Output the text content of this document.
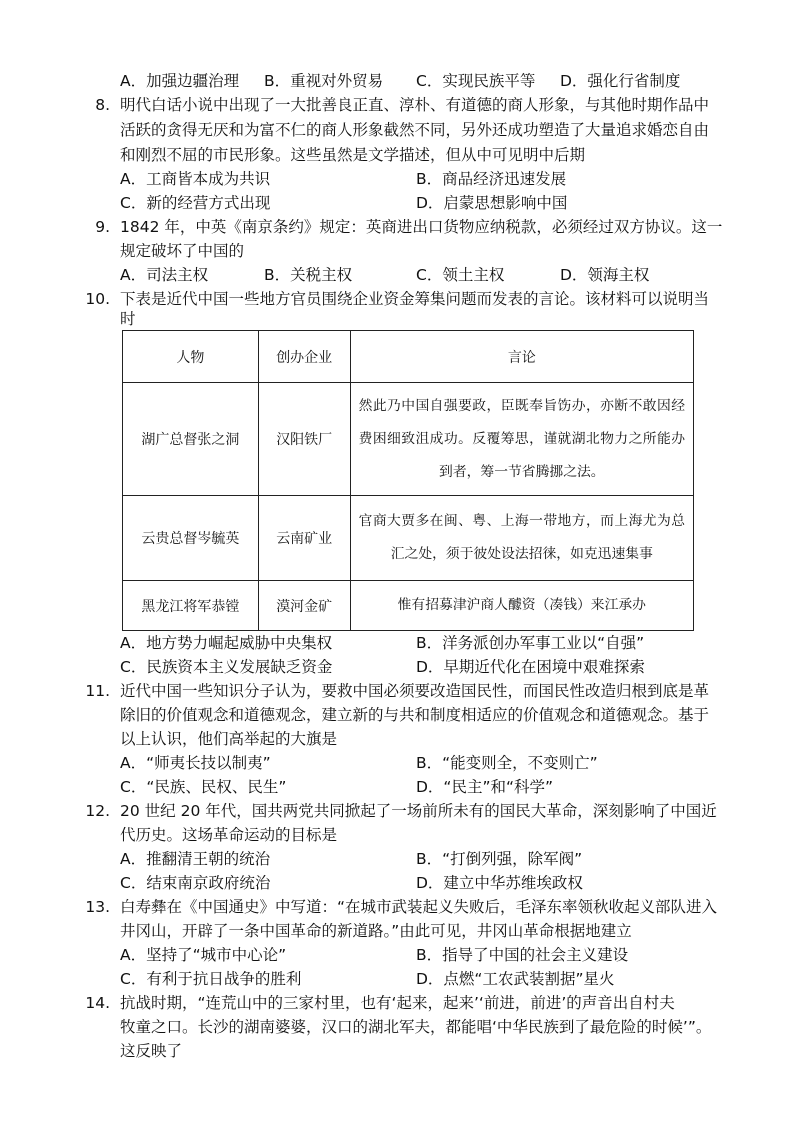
A．加强边疆治理 B．重视对外贸易 C．实现民族平等 D．强化行省制度
8. 明代白话小说中出现了一大批善良正直、淳朴、有道德的商人形象，与其他时期作品中
活跃的贪得无厌和为富不仁的商人形象截然不同，另外还成功塑造了大量追求婚恋自由
和刚烈不屈的市民形象。这些虽然是文学描述，但从中可见明中后期
A．工商皆本成为共识	B．商品经济迅速发展
C．新的经营方式出现	D．启蒙思想影响中国
9. 1842 年，中英《南京条约》规定：英商进出口货物应纳税款，必须经过双方协议。这一
规定破坏了中国的
A．司法主权	B．关税主权	C．领土主权	D．领海主权
10. 下表是近代中国一些地方官员围绕企业资金筹集问题而发表的言论。该材料可以说明当
时
人物	创办企业	言论
湖广总督张之洞	汉阳铁厂	然此乃中国自强要政，臣既奉旨饬办，亦断不敢因经费困细致沮成功。反覆筹思，谨就湖北物力之所能办到者，筹一节省腾挪之法。
云贵总督岑毓英	云南矿业	官商大贾多在闽、粤、上海一带地方，而上海尤为总汇之处，须于彼处设法招徕，如克迅速集事
黑龙江将军恭镗	漠河金矿	惟有招募津沪商人醵资（凑钱）来江承办
A．地方势力崛起威胁中央集权	B．洋务派创办军事工业以“自强”
C．民族资本主义发展缺乏资金	D．早期近代化在困境中艰难探索
11. 近代中国一些知识分子认为，要救中国必须要改造国民性，而国民性改造归根到底是革
除旧的价值观念和道德观念，建立新的与共和制度相适应的价值观念和道德观念。基于
以上认识，他们高举起的大旗是
A．“师夷长技以制夷”	B．“能变则全，不变则亡”
C．“民族、民权、民生”	D．“民主”和“科学”
12. 20 世纪 20 年代，国共两党共同掀起了一场前所未有的国民大革命，深刻影响了中国近
代历史。这场革命运动的目标是
A．推翻清王朝的统治	B．“打倒列强，除军阀”
C．结束南京政府统治	D．建立中华苏维埃政权
13. 白寿彝在《中国通史》中写道：“在城市武装起义失败后，毛泽东率领秋收起义部队进入
井冈山，开辟了一条中国革命的新道路。”由此可见，井冈山革命根据地建立
A．坚持了“城市中心论”	B．指导了中国的社会主义建设
C．有利于抗日战争的胜利	D．点燃“工农武装割据”星火
14. 抗战时期，“连荒山中的三家村里，也有‘起来，起来’‘前进，前进’的声音出自村夫
牧童之口。长沙的湖南婆婆，汉口的湖北军夫，都能唱‘中华民族到了最危险的时候’”。
这反映了
